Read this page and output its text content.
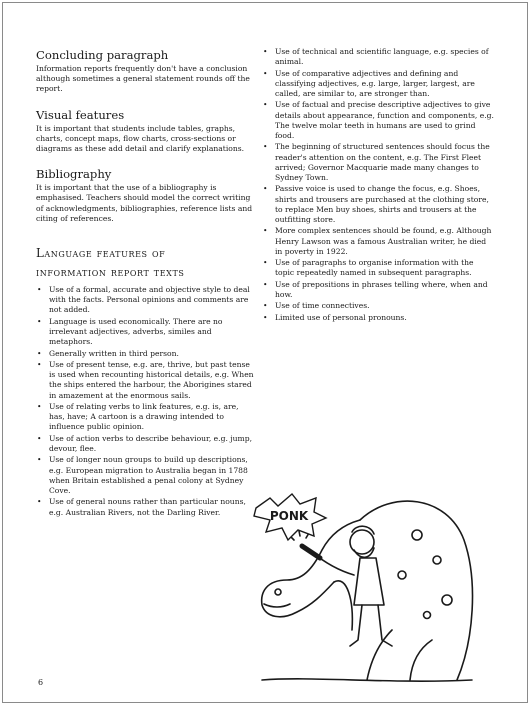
Concluding paragraph

Information reports frequently don't have a conclusion although sometimes a general statement rounds off the report.

Visual features

It is important that students include tables, graphs, charts, concept maps, flow charts, cross-sections or diagrams as these add detail and clarify explanations.

Bibliography

It is important that the use of a bibliography is emphasised. Teachers should model the correct writing of acknowledgments, bibliographies, reference lists and citing of references.

Language features of
information report texts
• Use of a formal, accurate and objective style to deal with the facts. Personal opinions and comments are not added.
• Language is used economically. There are no irrelevant adjectives, adverbs, similes and metaphors.
• Generally written in third person.
• Use of present tense, e.g. are, thrive, but past tense is used when recounting historical details, e.g. When the ships entered the harbour, the Aborigines stared in amazement at the enormous sails.
• Use of relating verbs to link features, e.g. is, are, has, have; A cartoon is a drawing intended to influence public opinion.
• Use of action verbs to describe behaviour, e.g. jump, devour, flee.
• Use of longer noun groups to build up descriptions, e.g. European migration to Australia began in 1788 when Britain established a penal colony at Sydney Cove.
• Use of general nouns rather than particular nouns, e.g. Australian Rivers, not the Darling River.
• Use of technical and scientific language, e.g. species of animal.
• Use of comparative adjectives and defining and classifying adjectives, e.g. large, larger, largest, are called, are similar to, are stronger than.
• Use of factual and precise descriptive adjectives to give details about appearance, function and components, e.g. The twelve molar teeth in humans are used to grind food.
• The beginning of structured sentences should focus the reader's attention on the content, e.g. The First Fleet arrived; Governor Macquarie made many changes to Sydney Town.
• Passive voice is used to change the focus, e.g. Shoes, shirts and trousers are purchased at the clothing store, to replace Men buy shoes, shirts and trousers at the outfitting store.
• More complex sentences should be found, e.g. Although Henry Lawson was a famous Australian writer, he died in poverty in 1922.
• Use of paragraphs to organise information with the topic repeatedly named in subsequent paragraphs.
• Use of prepositions in phrases telling where, when and how.
• Use of time connectives.
• Limited use of personal pronouns.
PONK
6
